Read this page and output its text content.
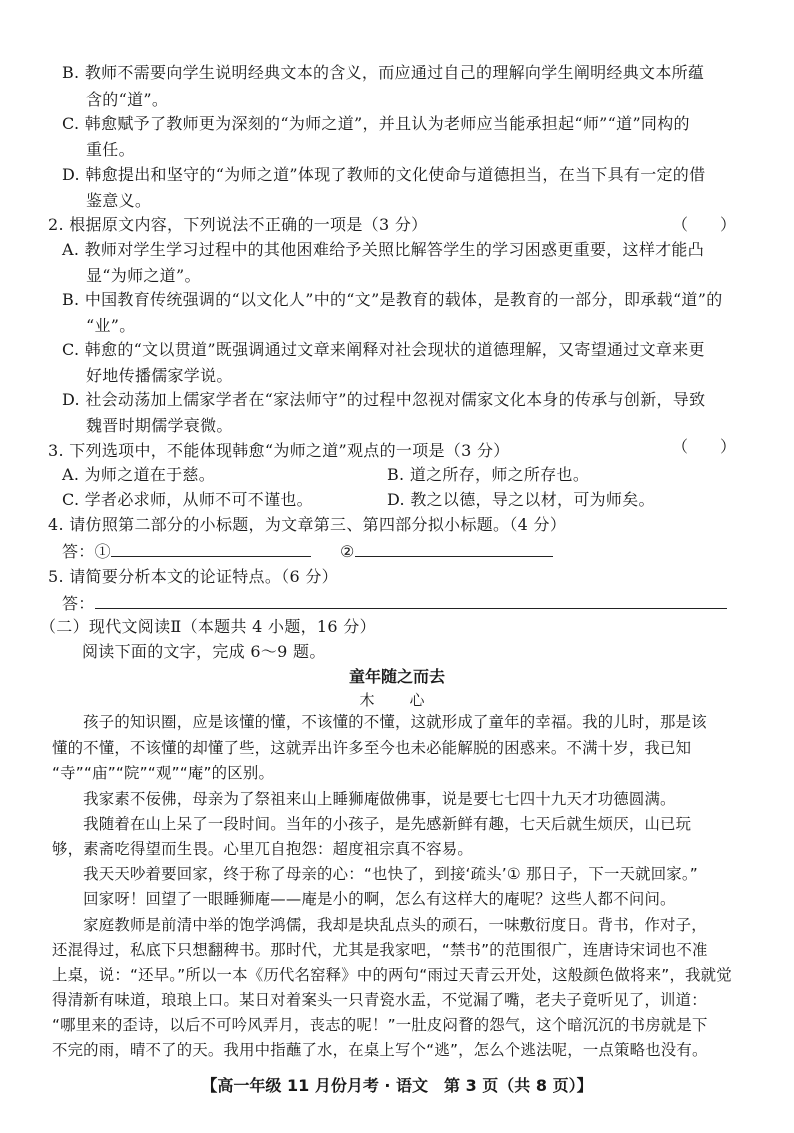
B. 教师不需要向学生说明经典文本的含义，而应通过自己的理解向学生阐明经典文本所蕴
含的“道”。
C. 韩愈赋予了教师更为深刻的“为师之道”，并且认为老师应当能承担起“师”“道”同构的
重任。
D. 韩愈提出和坚守的“为师之道”体现了教师的文化使命与道德担当，在当下具有一定的借
鉴意义。
2. 根据原文内容，下列说法不正确的一项是（3 分）	（　　）
A. 教师对学生学习过程中的其他困难给予关照比解答学生的学习困惑更重要，这样才能凸
显“为师之道”。
B. 中国教育传统强调的“以文化人”中的“文”是教育的载体，是教育的一部分，即承载“道”的
“业”。
C. 韩愈的“文以贯道”既强调通过文章来阐释对社会现状的道德理解，又寄望通过文章来更
好地传播儒家学说。
D. 社会动荡加上儒家学者在“家法师守”的过程中忽视对儒家文化本身的传承与创新，导致
魏晋时期儒学衰微。
3. 下列选项中，不能体现韩愈“为师之道”观点的一项是（3 分）	（　　）
A. 为师之道在于慈。	B. 道之所存，师之所存也。
C. 学者必求师，从师不可不谨也。	D. 教之以德，导之以材，可为师矣。
4. 请仿照第二部分的小标题，为文章第三、第四部分拟小标题。（4 分）
答：①	②
5. 请简要分析本文的论证特点。（6 分）
答：
（二）现代文阅读Ⅱ（本题共 4 小题，16 分）
阅读下面的文字，完成 6～9 题。
童年随之而去
木　心
　　孩子的知识圈，应是该懂的懂，不该懂的不懂，这就形成了童年的幸福。我的儿时，那是该
懂的不懂，不该懂的却懂了些，这就弄出许多至今也未必能解脱的困惑来。不满十岁，我已知
“寺”“庙”“院”“观”“庵”的区别。
　　我家素不佞佛，母亲为了祭祖来山上睡狮庵做佛事，说是要七七四十九天才功德圆满。
　　我随着在山上呆了一段时间。当年的小孩子，是先感新鲜有趣，七天后就生烦厌，山已玩
够，素斋吃得望而生畏。心里兀自抱怨：超度祖宗真不容易。
　　我天天吵着要回家，终于称了母亲的心：“也快了，到接‘疏头’① 那日子，下一天就回家。”
　　回家呀！回望了一眼睡狮庵——庵是小的啊，怎么有这样大的庵呢？这些人都不问问。
　　家庭教师是前清中举的饱学鸿儒，我却是块乱点头的顽石，一味敷衍度日。背书，作对子，
还混得过，私底下只想翻稗书。那时代，尤其是我家吧，“禁书”的范围很广，连唐诗宋词也不准
上桌，说：“还早。”所以一本《历代名窑释》中的两句“雨过天青云开处，这般颜色做将来”，我就觉
得清新有味道，琅琅上口。某日对着案头一只青瓷水盂，不觉漏了嘴，老夫子竟听见了，训道：
“哪里来的歪诗，以后不可吟风弄月，丧志的呢！”一肚皮闷瞀的怨气，这个暗沉沉的书房就是下
不完的雨，晴不了的天。我用中指蘸了水，在桌上写个“逃”，怎么个逃法呢，一点策略也没有。
【高一年级 11 月份月考 · 语文　第 3 页（共 8 页）】
